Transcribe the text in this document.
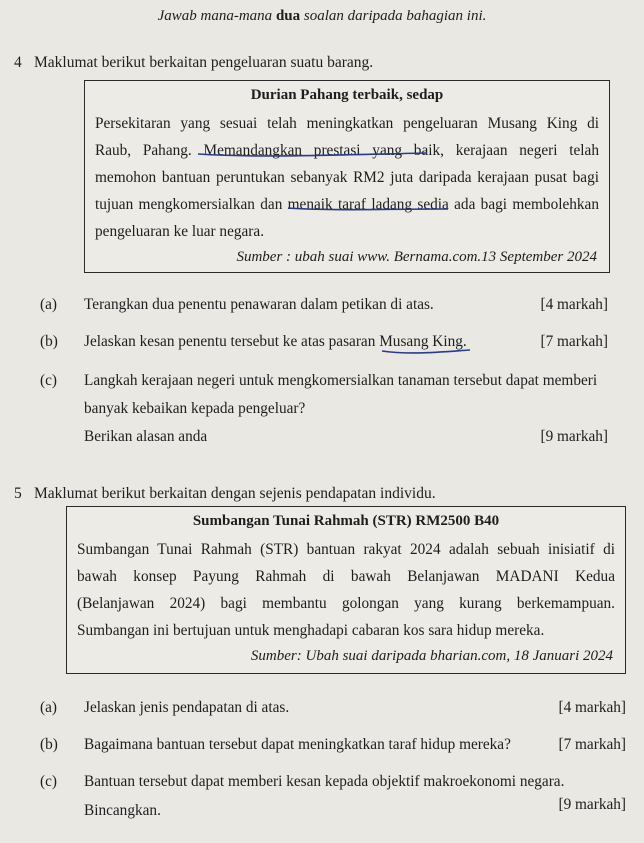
Jawab mana-mana dua soalan daripada bahagian ini.
4 Maklumat berikut berkaitan pengeluaran suatu barang.
Durian Pahang terbaik, sedap
Persekitaran yang sesuai telah meningkatkan pengeluaran Musang King di
Raub, Pahang. Memandangkan prestasi yang baik, kerajaan negeri telah
memohon bantuan peruntukan sebanyak RM2 juta daripada kerajaan pusat bagi
tujuan mengkomersialkan dan menaik taraf ladang sedia ada bagi membolehkan
pengeluaran ke luar negara.
Sumber : ubah suai www. Bernama.com.13 September 2024
(a) Terangkan dua penentu penawaran dalam petikan di atas.	[4 markah]
(b) Jelaskan kesan penentu tersebut ke atas pasaran Musang King.	[7 markah]
(c) Langkah kerajaan negeri untuk mengkomersialkan tanaman tersebut dapat memberi
banyak kebaikan kepada pengeluar?
Berikan alasan anda	[9 markah]
5 Maklumat berikut berkaitan dengan sejenis pendapatan individu.
Sumbangan Tunai Rahmah (STR) RM2500 B40
Sumbangan Tunai Rahmah (STR) bantuan rakyat 2024 adalah sebuah inisiatif di
bawah konsep Payung Rahmah di bawah Belanjawan MADANI Kedua
(Belanjawan 2024) bagi membantu golongan yang kurang berkemampuan.
Sumbangan ini bertujuan untuk menghadapi cabaran kos sara hidup mereka.
Sumber: Ubah suai daripada bharian.com, 18 Januari 2024
(a) Jelaskan jenis pendapatan di atas.	[4 markah]
(b) Bagaimana bantuan tersebut dapat meningkatkan taraf hidup mereka?	[7 markah]
(c) Bantuan tersebut dapat memberi kesan kepada objektif makroekonomi negara.
Bincangkan.	[9 markah]
